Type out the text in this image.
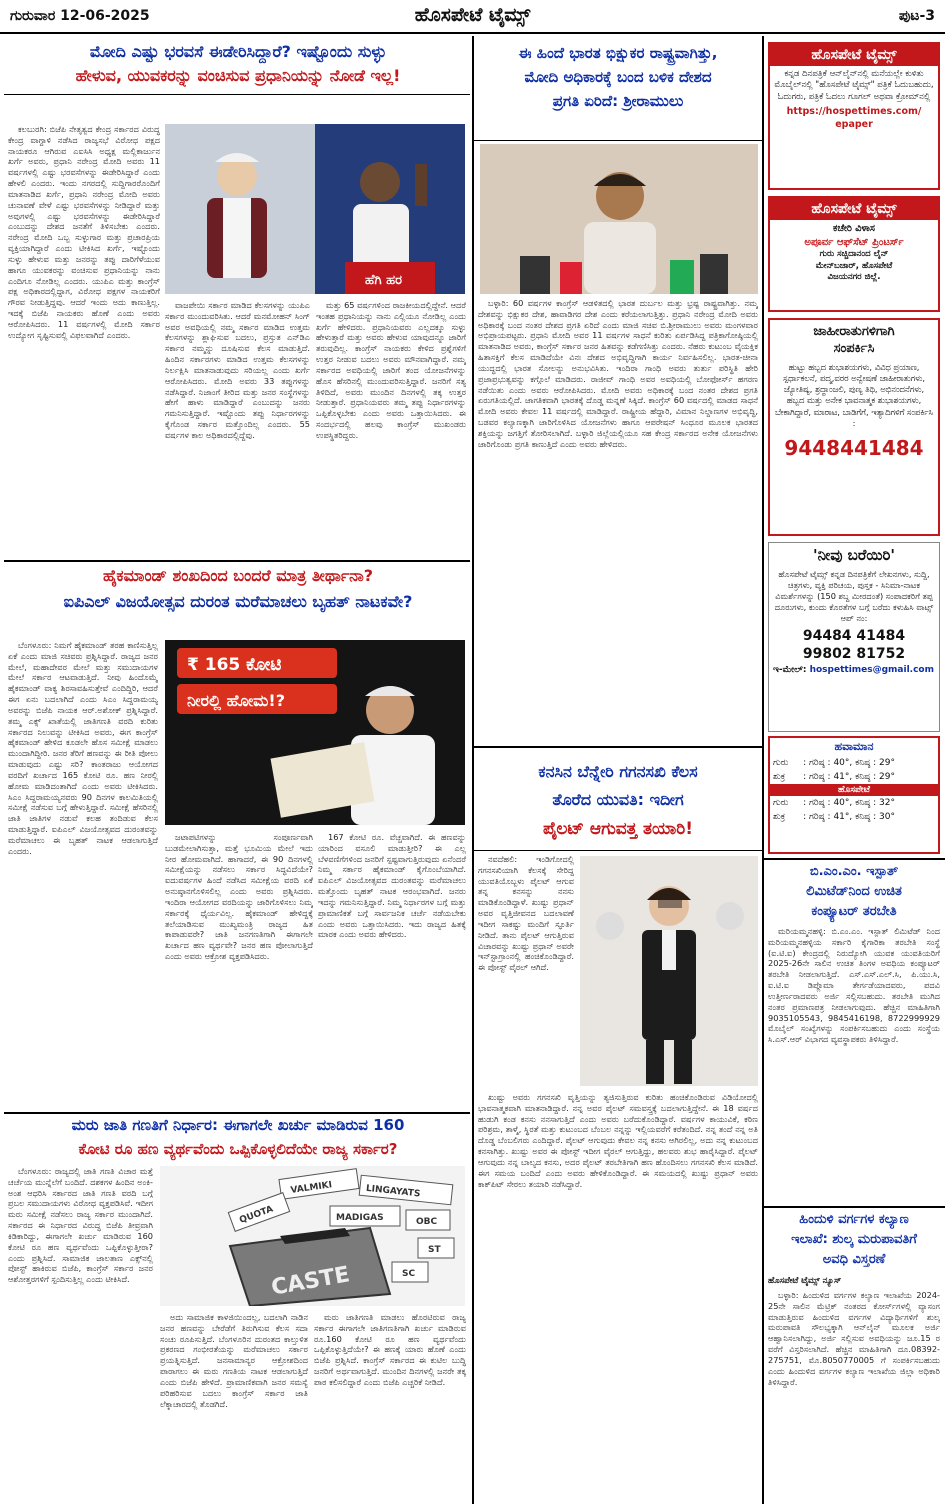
ಗುರುವಾರ 12-06-2025	ಹೊಸಪೇಟೆ ಟೈಮ್ಸ್	ಪುಟ-3
ಮೋದಿ ಎಷ್ಟು ಭರವಸೆ ಈಡೇರಿಸಿದ್ದಾರೆ? ಇಷ್ಟೊಂದು ಸುಳ್ಳು
ಹೇಳುವ, ಯುವಕರನ್ನು ವಂಚಿಸುವ ಪ್ರಧಾನಿಯನ್ನು ನೋಡೆ ಇಲ್ಲ!

ಕಲಬುರಗಿ: ಬಿಜೆಪಿ ನೇತೃತ್ವದ ಕೇಂದ್ರ ಸರ್ಕಾರದ ವಿರುದ್ಧ ಕೇಂದ್ರ ವಾಗ್ದಾಳಿ ನಡೆಸಿದ ರಾಜ್ಯಸಭೆ ವಿರೋಧ ಪಕ್ಷದ ನಾಯಕರೂ ಆಗಿರುವ ಎಐಸಿಸಿ ಅಧ್ಯಕ್ಷ ಮಲ್ಲಿಕಾರ್ಜುನ ಖರ್ಗೆ ಅವರು, ಪ್ರಧಾನಿ ನರೇಂದ್ರ ಮೋದಿ ಅವರು 11 ವರ್ಷಗಳಲ್ಲಿ ಎಷ್ಟು ಭರವಸೆಗಳನ್ನು ಈಡೇರಿಸಿದ್ದಾರೆ ಎಂದು ಹೇಳಲಿ ಎಂದರು. ಇಂದು ನಗರದಲ್ಲಿ ಸುದ್ದಿಗಾರರೊಂದಿಗೆ ಮಾತನಾಡಿದ ಖರ್ಗೆ, ಪ್ರಧಾನಿ ನರೇಂದ್ರ ಮೋದಿ ಅವರು ಚುನಾವಣೆ ವೇಳೆ ಎಷ್ಟು ಭರವಸೆಗಳನ್ನು ನೀಡಿದ್ದಾರೆ ಮತ್ತು ಅವುಗಳಲ್ಲಿ ಎಷ್ಟು ಭರವಸೆಗಳನ್ನು ಈಡೇರಿಸಿದ್ದಾರೆ ಎಂಬುದನ್ನು ದೇಶದ ಜನತೆಗೆ ತಿಳಿಸಬೇಕು ಎಂದರು. ನರೇಂದ್ರ ಮೋದಿ ಒಬ್ಬ ಸುಳ್ಳುಗಾರ ಮತ್ತು ಪ್ರಚಾರಪ್ರಿಯ ವ್ಯಕ್ತಿಯಾಗಿದ್ದಾರೆ ಎಂದು ಟೀಕಿಸಿದ ಖರ್ಗೆ, ಇಷ್ಟೊಂದು ಸುಳ್ಳು ಹೇಳುವ ಮತ್ತು ಜನರನ್ನು ತಪ್ಪು ದಾರಿಗೆಳೆಯುವ ಹಾಗೂ ಯುವಕರನ್ನು ವಂಚಿಸುವ ಪ್ರಧಾನಿಯನ್ನು ನಾನು ಎಂದಿಗೂ ನೋಡಿಲ್ಲ ಎಂದರು. ಯುಪಿಎ ಮತ್ತು ಕಾಂಗ್ರೆಸ್ ಪಕ್ಷ ಅಧಿಕಾರದಲ್ಲಿದ್ದಾಗ, ವಿರೋಧ ಪಕ್ಷಗಳ ನಾಯಕರಿಗೆ ಗೌರವ ನೀಡುತ್ತಿದ್ದವು. ಆದರೆ ಇಂದು ಅದು ಕಾಣುತ್ತಿಲ್ಲ. ಇದಕ್ಕೆ ಬಿಜೆಪಿ ನಾಯಕರು ಹೊಣೆ ಎಂದು ಅವರು ಆರೋಪಿಸಿದರು. 11 ವರ್ಷಗಳಲ್ಲಿ ಮೋದಿ ಸರ್ಕಾರ ಉದ್ಯೋಗ ಸೃಷ್ಟಿಸುವಲ್ಲಿ ವಿಫಲವಾಗಿದೆ ಎಂದರು.

ಹೆಗಿ ಹರ

ವಾಜಪೇಯಿ ಸರ್ಕಾರ ಮಾಡಿದ ಕೆಲಸಗಳನ್ನು ಯುಪಿಎ ಸರ್ಕಾರ ಮುಂದುವರಿಸಿತು. ಆದರೆ ಮನಮೋಹನ್ ಸಿಂಗ್ ಅವರ ಅವಧಿಯಲ್ಲಿ ನಮ್ಮ ಸರ್ಕಾರ ಮಾಡಿದ ಉತ್ತಮ ಕೆಲಸಗಳನ್ನು ಶ್ಲಾಘಿಸುವ ಬದಲು, ಪ್ರಸ್ತುತ ಎನ್‌ಡಿಎ ಸರ್ಕಾರ ನಮ್ಮನ್ನು ದೂಷಿಸುವ ಕೆಲಸ ಮಾಡುತ್ತಿದೆ. ಹಿಂದಿನ ಸರ್ಕಾರಗಳು ಮಾಡಿದ ಉತ್ತಮ ಕೆಲಸಗಳನ್ನು ನಿರ್ಲಕ್ಷಿಸಿ ಮಾತನಾಡುವುದು ಸರಿಯಲ್ಲ ಎಂದು ಖರ್ಗೆ ಆರೋಪಿಸಿದರು. ಮೋದಿ ಅವರು 33 ತಪ್ಪುಗಳನ್ನು ನಡೆಸಿದ್ದಾರೆ. ನಿಜಾಂಗೆ ತೀರಿದ ಮತ್ತು ಜನರ ಸಂಸ್ಥೆಗಳನ್ನು ಹೇಗೆ ಹಾಳು ಮಾಡಿದ್ದಾರೆ ಎಂಬುದನ್ನು ಜನರು ಗಮನಿಸುತ್ತಿದ್ದಾರೆ. ಇಷ್ಟೊಂದು ತಪ್ಪು ನಿರ್ಧಾರಗಳನ್ನು ಕೈಗೊಂಡ ಸರ್ಕಾರ ಮತ್ತೊಂದಿಲ್ಲ ಎಂದರು. 55 ವರ್ಷಗಳ ಕಾಲ ಅಧಿಕಾರದಲ್ಲಿದ್ದೆವು.

ಮತ್ತು 65 ವರ್ಷಗಳಿಂದ ರಾಜಕೀಯದಲ್ಲಿದ್ದೇನೆ. ಆದರೆ ಇಂತಹ ಪ್ರಧಾನಿಯನ್ನು ನಾನು ಎಲ್ಲಿಯೂ ನೋಡಿಲ್ಲ ಎಂದು ಖರ್ಗೆ ಹೇಳಿದರು. ಪ್ರಧಾನಿಯವರು ಎಲ್ಲದಕ್ಕೂ ಸುಳ್ಳು ಹೇಳುತ್ತಾರೆ ಮತ್ತು ಅವರು ಹೇಳುವ ಯಾವುದನ್ನೂ ಜಾರಿಗೆ ತರುವುದಿಲ್ಲ. ಕಾಂಗ್ರೆಸ್ ನಾಯಕರು ಕೇಳಿದ ಪ್ರಶ್ನೆಗಳಿಗೆ ಉತ್ತರ ನೀಡುವ ಬದಲು ಅವರು ಮೌನವಾಗಿದ್ದಾರೆ. ನಮ್ಮ ಸರ್ಕಾರದ ಅವಧಿಯಲ್ಲಿ ಜಾರಿಗೆ ತಂದ ಯೋಜನೆಗಳನ್ನು ಹೊಸ ಹೆಸರಿನಲ್ಲಿ ಮುಂದುವರಿಸುತ್ತಿದ್ದಾರೆ. ಜನರಿಗೆ ಸತ್ಯ ತಿಳಿದಿದೆ, ಅವರು ಮುಂದಿನ ದಿನಗಳಲ್ಲಿ ತಕ್ಕ ಉತ್ತರ ನೀಡುತ್ತಾರೆ. ಪ್ರಧಾನಿಯವರು ತಮ್ಮ ತಪ್ಪು ನಿರ್ಧಾರಗಳನ್ನು ಒಪ್ಪಿಕೊಳ್ಳಬೇಕು ಎಂದು ಅವರು ಒತ್ತಾಯಿಸಿದರು. ಈ ಸಂದರ್ಭದಲ್ಲಿ ಹಲವು ಕಾಂಗ್ರೆಸ್ ಮುಖಂಡರು ಉಪಸ್ಥಿತರಿದ್ದರು.

ಹೈಕಮಾಂಡ್ ಶಂಖದಿಂದ ಬಂದರೆ ಮಾತ್ರ ತೀರ್ಥಾನಾ?
ಐಪಿಎಲ್ ವಿಜಯೋತ್ಸವ ದುರಂತ ಮರೆಮಾಚಲು ಬೃಹತ್ ನಾಟಕವೇ?

ಬೆಂಗಳೂರು: ನಿಮಗೆ ಹೈಕಮಾಂಡ್ ತರಹ ಕಾಣಿಸುತ್ತಿಲ್ಲ ಏಕೆ ಎಂದು ಮಾಜಿ ಸಚಿವರು ಪ್ರಶ್ನಿಸಿದ್ದಾರೆ. ರಾಜ್ಯದ ಜನರ ಮೇಲೆ, ಮಹಾದೇವರ ಮೇಲೆ ಮತ್ತು ಸಮುದಾಯಗಳ ಮೇಲೆ ಸರ್ಕಾರ ಆಟವಾಡುತ್ತಿದೆ. ನೀವು ಹಿಂದೊಮ್ಮೆ ಹೈಕಮಾಂಡ್ ವಾಕ್ಯ ಶಿರಸಾವಹಿಸುತ್ತೇವೆ ಎಂದಿದ್ದಿರಿ, ಆದರೆ ಈಗ ಏನು ಬದಲಾಗಿದೆ ಎಂದು ಸಿಎಂ ಸಿದ್ದರಾಮಯ್ಯ ಅವರನ್ನು ಬಿಜೆಪಿ ನಾಯಕ ಆರ್.ಅಶೋಕ್ ಪ್ರಶ್ನಿಸಿದ್ದಾರೆ. ತಮ್ಮ ಎಕ್ಸ್ ಖಾತೆಯಲ್ಲಿ ಜಾತಿಗಣತಿ ವರದಿ ಕುರಿತು ಸರ್ಕಾರದ ನಿಲುವನ್ನು ಟೀಕಿಸಿದ ಅವರು, ಈಗ ಕಾಂಗ್ರೆಸ್ ಹೈಕಮಾಂಡ್ ಹೇಳಿದ ಕೂಡಲೇ ಹೊಸ ಸಮೀಕ್ಷೆ ಮಾಡಲು ಮುಂದಾಗಿದ್ದೀರಿ. ಜನರ ತೆರಿಗೆ ಹಣವನ್ನು ಈ ರೀತಿ ಪೋಲು ಮಾಡುವುದು ಎಷ್ಟು ಸರಿ? ಕಾಂತರಾಜು ಆಯೋಗದ ವರದಿಗೆ ಖರ್ಚಾದ 165 ಕೋಟಿ ರೂ. ಹಣ ನೀರಲ್ಲಿ ಹೋಮ ಮಾಡಿದಂತಾಗಿದೆ ಎಂದು ಅವರು ಟೀಕಿಸಿದರು. ಸಿಎಂ ಸಿದ್ದರಾಮಯ್ಯನವರು 90 ದಿನಗಳ ಕಾಲಮಿತಿಯಲ್ಲಿ ಸಮೀಕ್ಷೆ ನಡೆಸುವ ಬಗ್ಗೆ ಹೇಳುತ್ತಿದ್ದಾರೆ. ಸಮೀಕ್ಷೆ ಹೆಸರಿನಲ್ಲಿ ಜಾತಿ ಜಾತಿಗಳ ನಡುವೆ ಕಲಹ ತಂದಿಡುವ ಕೆಲಸ ಮಾಡುತ್ತಿದ್ದಾರೆ. ಐಪಿಎಲ್ ವಿಜಯೋತ್ಸವದ ದುರಂತವನ್ನು ಮರೆಮಾಚಲು ಈ ಬೃಹತ್ ನಾಟಕ ಆಡಲಾಗುತ್ತಿದೆ ಎಂದರು.

₹ 165 ಕೋಟಿ
ನೀರಲ್ಲಿ ಹೋಮ!?

ಜಟಾಪಟಿಗಳನ್ನು ಸಂಪೂರ್ಣವಾಗಿ ಬುಡಮೇಲಾಗಿಸುತ್ತಾ, ಮತ್ತೆ ಭೂಮಿಯ ಮೇಲೆ ಇದು ನೀರ ಹೋಮವಾಗಿದೆ. ಹಾಗಾದರೆ, ಈ 90 ದಿನಗಳಲ್ಲಿ ಸಮೀಕ್ಷೆಯನ್ನು ನಡೆಸಲು ಸರ್ಕಾರ ಸಿದ್ಧವಿದೆಯೇ? ಐದುವರ್ಷಗಳ ಹಿಂದೆ ನಡೆಸಿದ ಸಮೀಕ್ಷೆಯ ವರದಿ ಏಕೆ ಅನುಷ್ಠಾನಗೊಳಿಸಲಿಲ್ಲ ಎಂದು ಅವರು ಪ್ರಶ್ನಿಸಿದರು. ಇಂದಿರಾ ಆಯೋಗದ ವರದಿಯನ್ನು ಜಾರಿಗೊಳಿಸಲು ನಿಮ್ಮ ಸರ್ಕಾರಕ್ಕೆ ಧೈರ್ಯವಿಲ್ಲ. ಹೈಕಮಾಂಡ್ ಹೇಳಿದ್ದಕ್ಕೆ ತಲೆಯಾಡಿಸುವ ಮುಖ್ಯಮಂತ್ರಿ ರಾಜ್ಯದ ಹಿತ ಕಾಪಾಡುವರೇ? ಜಾತಿ ಜನಗಣತಿಗಾಗಿ ಈಗಾಗಲೇ ಖರ್ಚಾದ ಹಣ ವ್ಯರ್ಥವೇ? ಜನರ ಹಣ ಪೋಲಾಗುತ್ತಿದೆ ಎಂದು ಅವರು ಆಕ್ರೋಶ ವ್ಯಕ್ತಪಡಿಸಿದರು.

167 ಕೋಟಿ ರೂ. ವೆಚ್ಚವಾಗಿದೆ. ಈ ಹಣವನ್ನು ಯಾರಿಂದ ವಸೂಲಿ ಮಾಡುತ್ತೀರಿ? ಈ ಎಲ್ಲ ಬೆಳವಣಿಗೆಗಳಿಂದ ಜನರಿಗೆ ಸ್ಪಷ್ಟವಾಗುತ್ತಿರುವುದು ಏನೆಂದರೆ ನಿಮ್ಮ ಸರ್ಕಾರ ಹೈಕಮಾಂಡ್ ಕೈಗೊಂಬೆಯಾಗಿದೆ. ಐಪಿಎಲ್ ವಿಜಯೋತ್ಸವದ ದುರಂತವನ್ನು ಮರೆಮಾಚಲು ಮತ್ತೊಂದು ಬೃಹತ್ ನಾಟಕ ಆರಂಭವಾಗಿದೆ. ಜನರು ಇದನ್ನು ಗಮನಿಸುತ್ತಿದ್ದಾರೆ. ನಿಮ್ಮ ನಿರ್ಧಾರಗಳ ಬಗ್ಗೆ ಮತ್ತು ಪ್ರಾಮಾಣಿಕತೆ ಬಗ್ಗೆ ಸಾರ್ವಜನಿಕ ಚರ್ಚೆ ನಡೆಯಬೇಕು ಎಂದು ಅವರು ಒತ್ತಾಯಿಸಿದರು. ಇದು ರಾಜ್ಯದ ಹಿತಕ್ಕೆ ಮಾರಕ ಎಂದು ಅವರು ಹೇಳಿದರು.

ಮರು ಜಾತಿ ಗಣತಿಗೆ ನಿರ್ಧಾರ: ಈಗಾಗಲೇ ಖರ್ಚು ಮಾಡಿರುವ 160
ಕೋಟಿ ರೂ ಹಣ ವ್ಯರ್ಥವೆಂದು ಒಪ್ಪಿಕೊಳ್ಳಲಿದೆಯೇ ರಾಜ್ಯ ಸರ್ಕಾರ?

ಬೆಂಗಳೂರು: ರಾಜ್ಯದಲ್ಲಿ ಜಾತಿ ಗಣತಿ ವಿಚಾರ ಮತ್ತೆ ಚರ್ಚೆಯ ಮುನ್ನೆಲೆಗೆ ಬಂದಿದೆ. ದಶಕಗಳ ಹಿಂದಿನ ಅಂಕಿ-ಅಂಶ ಆಧರಿಸಿ ಸರ್ಕಾರದ ಜಾತಿ ಗಣತಿ ವರದಿ ಬಗ್ಗೆ ಪ್ರಬಲ ಸಮುದಾಯಗಳು ವಿರೋಧ ವ್ಯಕ್ತಪಡಿಸಿವೆ. ಇದೀಗ ಮರು ಸಮೀಕ್ಷೆ ನಡೆಸಲು ರಾಜ್ಯ ಸರ್ಕಾರ ಮುಂದಾಗಿದೆ. ಸರ್ಕಾರದ ಈ ನಿರ್ಧಾರದ ವಿರುದ್ಧ ಬಿಜೆಪಿ ತೀವ್ರವಾಗಿ ಕಿಡಿಕಾರಿದ್ದು, ಈಗಾಗಲೇ ಖರ್ಚು ಮಾಡಿರುವ 160 ಕೋಟಿ ರೂ ಹಣ ವ್ಯರ್ಥವೆಂದು ಒಪ್ಪಿಕೊಳ್ಳುತ್ತೀರಾ? ಎಂದು ಪ್ರಶ್ನಿಸಿದೆ. ಸಾಮಾಜಿಕ ಜಾಲತಾಣ ಎಕ್ಸ್‌ನಲ್ಲಿ ಪೋಸ್ಟ್ ಹಾಕಿರುವ ಬಿಜೆಪಿ, ಕಾಂಗ್ರೆಸ್ ಸರ್ಕಾರ ಜನರ ಆಶೋತ್ತರಗಳಿಗೆ ಸ್ಪಂದಿಸುತ್ತಿಲ್ಲ ಎಂದು ಟೀಕಿಸಿದೆ.

VALMIKI	LINGAYATS
MADIGAS	OBC
ST
SC
QUOTA
CASTE

ಅದು ಸಾಮಾಜಿಕ ಕಾಳಜಿಯಿಂದಲ್ಲ, ಬದಲಾಗಿ ನಾಡಿನ ಜನರ ಹಣವನ್ನು ಬೇರೆಡೆಗೆ ತಿರುಗಿಸುವ ಕೆಲಸ ಸದಾ ಸಂಚು ರೂಪಿಸುತ್ತಿದೆ. ಬೆಂಗಳೂರಿನ ದುರಂತದ ಕಾಲ್ತುಳಿತ ಪ್ರಕರಣದ ಗಂಭೀರತೆಯನ್ನು ಮರೆಮಾಚಲು ಸರ್ಕಾರ ಪ್ರಯತ್ನಿಸುತ್ತಿದೆ. ಜನಸಾಮಾನ್ಯರ ಆಕ್ರೋಶದಿಂದ ಪಾರಾಗಲು ಈ ಮರು ಗಣತಿಯ ನಾಟಕ ಆಡಲಾಗುತ್ತಿದೆ ಎಂದು ಬಿಜೆಪಿ ಹೇಳಿದೆ. ಪ್ರಾಮಾಣಿಕವಾಗಿ ಜನರ ಸಮಸ್ಯೆ ಪರಿಹರಿಸುವ ಬದಲು ಕಾಂಗ್ರೆಸ್ ಸರ್ಕಾರ ಜಾತಿ ಲೆಕ್ಕಾಚಾರದಲ್ಲಿ ತೊಡಗಿದೆ.

ಮರು ಜಾತಿಗಣತಿ ಮಾಡಲು ಹೊರಟಿರುವ ರಾಜ್ಯ ಸರ್ಕಾರ ಈಗಾಗಲೇ ಜಾತಿಗಣತಿಗಾಗಿ ಖರ್ಚು ಮಾಡಿರುವ ರೂ.160 ಕೋಟಿ ರೂ ಹಣ ವ್ಯರ್ಥವೆಂದು ಒಪ್ಪಿಕೊಳ್ಳುತ್ತಿದೆಯೇ? ಈ ಹಣಕ್ಕೆ ಯಾರು ಹೊಣೆ ಎಂದು ಬಿಜೆಪಿ ಪ್ರಶ್ನಿಸಿದೆ. ಕಾಂಗ್ರೆಸ್ ಸರ್ಕಾರದ ಈ ಕುಟಿಲ ಬುದ್ಧಿ ಜನರಿಗೆ ಅರ್ಥವಾಗುತ್ತಿದೆ. ಮುಂದಿನ ದಿನಗಳಲ್ಲಿ ಜನರೇ ತಕ್ಕ ಪಾಠ ಕಲಿಸಲಿದ್ದಾರೆ ಎಂದು ಬಿಜೆಪಿ ಎಚ್ಚರಿಕೆ ನೀಡಿದೆ.

ಈ ಹಿಂದೆ ಭಾರತ ಭಿಕ್ಷುಕರ ರಾಷ್ಟ್ರವಾಗಿತ್ತು,
ಮೋದಿ ಅಧಿಕಾರಕ್ಕೆ ಬಂದ ಬಳಿಕ ದೇಶದ
ಪ್ರಗತಿ ಏರಿದೆ: ಶ್ರೀರಾಮುಲು

ಬಳ್ಳಾರಿ: 60 ವರ್ಷಗಳ ಕಾಂಗ್ರೆಸ್ ಆಡಳಿತದಲ್ಲಿ ಭಾರತ ದುರ್ಬಲ ಮತ್ತು ಭ್ರಷ್ಟ ರಾಷ್ಟ್ರವಾಗಿತ್ತು. ನಮ್ಮ ದೇಶವನ್ನು ಭಿಕ್ಷುಕರ ದೇಶ, ಹಾವಾಡಿಗರ ದೇಶ ಎಂದು ಕರೆಯಲಾಗುತ್ತಿತ್ತು. ಪ್ರಧಾನಿ ನರೇಂದ್ರ ಮೋದಿ ಅವರು ಅಧಿಕಾರಕ್ಕೆ ಬಂದ ನಂತರ ದೇಶದ ಪ್ರಗತಿ ಏರಿದೆ ಎಂದು ಮಾಜಿ ಸಚಿವ ಬಿ.ಶ್ರೀರಾಮುಲು ಅವರು ಮಂಗಳವಾರ ಅಭಿಪ್ರಾಯಪಟ್ಟರು. ಪ್ರಧಾನಿ ಮೋದಿ ಅವರ 11 ವರ್ಷಗಳ ಸಾಧನೆ ಕುರಿತು ಏರ್ಪಡಿಸಿದ್ದ ಪತ್ರಿಕಾಗೋಷ್ಠಿಯಲ್ಲಿ ಮಾತನಾಡಿದ ಅವರು, ಕಾಂಗ್ರೆಸ್ ಸರ್ಕಾರ ಜನರ ಹಿತವನ್ನು ಕಡೆಗಣಿಸಿತ್ತು ಎಂದರು. ನೆಹರು ಕುಟುಂಬ ವೈಯಕ್ತಿಕ ಹಿತಾಸಕ್ತಿಗೆ ಕೆಲಸ ಮಾಡಿದೆಯೇ ವಿನಃ ದೇಶದ ಅಭಿವೃದ್ಧಿಗಾಗಿ ಕಾರ್ಯ ನಿರ್ವಹಿಸಲಿಲ್ಲ. ಭಾರತ-ಚೀನಾ ಯುದ್ಧದಲ್ಲಿ ಭಾರತ ಸೋಲನ್ನು ಅನುಭವಿಸಿತು. ಇಂದಿರಾ ಗಾಂಧಿ ಅವರು ತುರ್ತು ಪರಿಸ್ಥಿತಿ ಹೇರಿ ಪ್ರಜಾಪ್ರಭುತ್ವವನ್ನು ಕಗ್ಗೊಲೆ ಮಾಡಿದರು. ರಾಜೀವ್ ಗಾಂಧಿ ಅವರ ಅವಧಿಯಲ್ಲಿ ಬೋಫೋರ್ಸ್ ಹಗರಣ ನಡೆಯಿತು ಎಂದು ಅವರು ಆರೋಪಿಸಿದರು. ಮೋದಿ ಅವರು ಅಧಿಕಾರಕ್ಕೆ ಬಂದ ನಂತರ ದೇಶದ ಪ್ರಗತಿ ಏರುಗತಿಯಲ್ಲಿದೆ. ಜಾಗತಿಕವಾಗಿ ಭಾರತಕ್ಕೆ ದೊಡ್ಡ ಮನ್ನಣೆ ಸಿಕ್ಕಿದೆ. ಕಾಂಗ್ರೆಸ್ 60 ವರ್ಷದಲ್ಲಿ ಮಾಡದ ಸಾಧನೆ ಮೋದಿ ಅವರು ಕೇವಲ 11 ವರ್ಷದಲ್ಲಿ ಮಾಡಿದ್ದಾರೆ. ರಾಷ್ಟ್ರೀಯ ಹೆದ್ದಾರಿ, ವಿಮಾನ ನಿಲ್ದಾಣಗಳ ಅಭಿವೃದ್ಧಿ, ಬಡವರ ಕಲ್ಯಾಣಕ್ಕಾಗಿ ಜಾರಿಗೊಳಿಸಿದ ಯೋಜನೆಗಳು ಹಾಗೂ ಆಪರೇಷನ್ ಸಿಂಧೂರ ಮೂಲಕ ಭಾರತದ ಶಕ್ತಿಯನ್ನು ಜಗತ್ತಿಗೆ ತೋರಿಸಲಾಗಿದೆ. ಬಳ್ಳಾರಿ ಜಿಲ್ಲೆಯಲ್ಲಿಯೂ ಸಹ ಕೇಂದ್ರ ಸರ್ಕಾರದ ಅನೇಕ ಯೋಜನೆಗಳು ಜಾರಿಗೊಂಡು ಪ್ರಗತಿ ಕಾಣುತ್ತಿದೆ ಎಂದು ಅವರು ಹೇಳಿದರು.

ಕನಸಿನ ಬೆನ್ನೇರಿ ಗಗನಸಖಿ ಕೆಲಸ
ತೊರೆದ ಯುವತಿ: ಇದೀಗ
ಪೈಲಟ್ ಆಗುವತ್ತ ತಯಾರಿ!

ನವದೆಹಲಿ: ಇಂಡಿಗೋದಲ್ಲಿ ಗಗನಸಖಿಯಾಗಿ ಕೆಲಸಕ್ಕೆ ಸೇರಿದ್ದ ಯುವತಿಯೊಬ್ಬಳು ಪೈಲಟ್ ಆಗುವ ತನ್ನ ಕನಸನ್ನು ನನಸು ಮಾಡಿಕೊಂಡಿದ್ದಾಳೆ. ಖುಷ್ಬು ಪ್ರಧಾನ್ ಅವರ ವೃತ್ತಿಜೀವನದ ಬದಲಾವಣೆ ಇದೀಗ ಸಾಕಷ್ಟು ಮಂದಿಗೆ ಸ್ಫೂರ್ತಿ ನೀಡಿದೆ. ತಾನು ಪೈಲಟ್ ಆಗುತ್ತಿರುವ ವಿಚಾರವನ್ನು ಖುಷ್ಬು ಪ್ರಧಾನ್ ಅವರೇ ಇನ್‌ಸ್ಟಾಗ್ರಾಂನಲ್ಲಿ ಹಂಚಿಕೊಂಡಿದ್ದಾರೆ. ಈ ಪೋಸ್ಟ್ ವೈರಲ್ ಆಗಿದೆ.

ಖುಷ್ಬು ಅವರು ಗಗನಸಖಿ ವೃತ್ತಿಯನ್ನು ತ್ಯಜಿಸುತ್ತಿರುವ ಕುರಿತು ಹಂಚಿಕೊಂಡಿರುವ ವಿಡಿಯೋದಲ್ಲಿ ಭಾವನಾತ್ಮಕವಾಗಿ ಮಾತನಾಡಿದ್ದಾರೆ. ನನ್ನ ಅವರ ಪೈಲಟ್ ಸಮವಸ್ತ್ರಕ್ಕೆ ಬದಲಾಗುತ್ತಿದ್ದೇನೆ. ಈ 18 ವರ್ಷದ ಹುಡುಗಿ ಕಂಡ ಕನಸು ನನಸಾಗುತ್ತಿದೆ ಎಂದು ಅವರು ಬರೆದುಕೊಂಡಿದ್ದಾರೆ. ವರ್ಷಗಳ ಕಾಯುವಿಕೆ, ಕಠಿಣ ಪರಿಶ್ರಮ, ತಾಳ್ಮೆ, ಸ್ಥಿರತೆ ಮತ್ತು ಕುಟುಂಬದ ಬೆಂಬಲ ನನ್ನನ್ನು ಇಲ್ಲಿಯವರೆಗೆ ಕರೆತಂದಿದೆ. ನನ್ನ ತಂದೆ ನನ್ನ ಅತಿ ದೊಡ್ಡ ಬೆಂಬಲಿಗರು ಎಂದಿದ್ದಾರೆ. ಪೈಲಟ್ ಆಗುವುದು ಕೇವಲ ನನ್ನ ಕನಸು ಆಗಿರಲಿಲ್ಲ, ಅದು ನನ್ನ ಕುಟುಂಬದ ಕನಸಾಗಿತ್ತು. ಖುಷ್ಬು ಅವರ ಈ ಪೋಸ್ಟ್ ಇದೀಗ ವೈರಲ್ ಆಗುತ್ತಿದ್ದು, ಹಲವರು ಶುಭ ಹಾರೈಸಿದ್ದಾರೆ. ಪೈಲಟ್ ಆಗುವುದು ನನ್ನ ಬಾಲ್ಯದ ಕನಸು, ಅದರ ಪೈಲಟ್ ತರಬೇತಿಗಾಗಿ ಹಣ ಹೊಂದಿಸಲು ಗಗನಸಖಿ ಕೆಲಸ ಮಾಡಿದೆ. ಈಗ ಸಮಯ ಬಂದಿದೆ ಎಂದು ಅವರು ಹೇಳಿಕೊಂಡಿದ್ದಾರೆ. ಈ ಸಮಯದಲ್ಲಿ ಖುಷ್ಬು ಪ್ರಧಾನ್ ಅವರು ಕಾಕ್‌ಪಿಟ್ ಸೇರಲು ತಯಾರಿ ನಡೆಸಿದ್ದಾರೆ.

ಹೊಸಪೇಟೆ ಟೈಮ್ಸ್
ಕನ್ನಡ ದಿನಪತ್ರಿಕೆ ಆನ್‌ಲೈನ್‌ನಲ್ಲಿ ಮನೆಯಲ್ಲೇ ಕುಳಿತು ಮೊಬೈಲ್‌ನಲ್ಲಿ "ಹೊಸಪೇಟೆ ಟೈಮ್ಸ್" ಪತ್ರಿಕೆ ಓದುಬಹುದು, ಓದುಗರು, ಪತ್ರಿಕೆ ಓದಲು ಗೂಗಲ್ ಅಥವಾ ಕ್ರೋಮ್‌ನಲ್ಲಿ
https://hospettimes.com/
epaper
ಹೊಸಪೇಟೆ ಟೈಮ್ಸ್
ಕಚೇರಿ ವಿಳಾಸ
ಅಪೂರ್ವ ಆಫ್‌ಸೆಟ್ ಪ್ರಿಂಟರ್ಸ್
ಗುರು ಸಚ್ಚಿದಾನಂದ ಲೈನ್
ಮೇನ್‌ಬಜಾರ್, ಹೊಸಪೇಟೆ
ವಿಜಯನಗರ ಜಿಲ್ಲೆ.
ಜಾಹೀರಾತುಗಳಿಗಾಗಿ
ಸಂಪರ್ಕಿಸಿ
ಹುಟ್ಟು ಹಬ್ಬದ ಶುಭಾಶಯಗಳು, ವಿವಿಧ ಪ್ರಯಾಣ, ಸ್ಪರ್ಧಾಕಲನೆ, ಪದ್ಮ,ವರರ ಅನ್ವೇಷಣೆ ಜಾಹೀರಾತುಗಳು, ಜ್ಯೋತಿಷ್ಯ, ಶ್ರದ್ಧಾಂಜಲಿ, ಪುಣ್ಯ ತಿಥಿ, ಅಭಿನಂದನೆಗಳು, ಹಬ್ಬದ ಮತ್ತು ಅನೇಕ ಭಾವನಾತ್ಮಕ ಶುಭಾಶಯಗಳು, ಬೇಕಾಗಿದ್ದಾರೆ, ಮಾರಾಟ, ಬಾಡಿಗೆಗೆ, ಇತ್ಯಾದಿಗಳಿಗೆ ಸಂಪರ್ಕಿಸಿ :
9448441484
'ನೀವು ಬರೆಯಿರಿ'
ಹೊಸಪೇಟೆ ಟೈಮ್ಸ್ ಕನ್ನಡ ದಿನಪತ್ರಿಕೆಗೆ ಲೇಖನಗಳು, ಸುದ್ದಿ, ಚಿತ್ರಗಳು, ವ್ಯಕ್ತಿ ಪರಿಚಯ, ಪುಸ್ತಕ - ಸಿನಿಮಾ-ನಾಟಕ ವಿಮರ್ಶೆಗಳನ್ನು (150 ಶಬ್ದ ಮೀರದಂತೆ) ಸಂಪಾದಕರಿಗೆ ತಪ್ಪ ದೂರುಗಳು, ಕುಂದು ಕೊರತೆಗಳ ಬಗ್ಗೆ ಬರೆದು ಕಳುಹಿಸಿ ವಾಟ್ಸ್ ಆಪ್ ನಂ:
94484 41484
99802 81752
ಇ-ಮೇಲ್: hospettimes@gmail.com
ಹವಾಮಾನ
ಗುರು	: ಗರಿಷ್ಠ : 40°, ಕನಿಷ್ಠ : 29°
ಶುಕ್ರ	: ಗರಿಷ್ಠ : 41°, ಕನಿಷ್ಠ : 29°
ಹೊಸಪೇಟೆ
ಗುರು	: ಗರಿಷ್ಠ : 40°, ಕನಿಷ್ಠ : 32°
ಶುಕ್ರ	: ಗರಿಷ್ಠ : 41°, ಕನಿಷ್ಠ : 30°
ಬಿ.ಎಂ.ಎಂ. ಇಸ್ಪಾತ್
ಲಿಮಿಟೆಡ್‌ನಿಂದ ಉಚಿತ
ಕಂಪ್ಯೂಟರ್ ತರಬೇತಿ

ಮರಿಯಮ್ಮನಹಳ್ಳಿ: ಬಿ.ಎಂ.ಎಂ. ಇಸ್ಪಾತ್ ಲಿಮಿಟೆಡ್ ನಿಂದ ಮರಿಯಮ್ಮನಹಳ್ಳಿಯ ಸರ್ಕಾರಿ ಕೈಗಾರಿಕಾ ತರಬೇತಿ ಸಂಸ್ಥೆ (ಐ.ಟಿ.ಐ) ಕೇಂದ್ರದಲ್ಲಿ ನಿರುದ್ಯೋಗಿ ಯುವಕ ಯುವತಿಯರಿಗೆ 2025-26ನೇ ಸಾಲಿನ ಉಚಿತ ತಿಂಗಳ ಅವಧಿಯ ಕಂಪ್ಯೂಟರ್ ತರಬೇತಿ ನೀಡಲಾಗುತ್ತಿದೆ. ಎಸ್.ಎಸ್.ಎಲ್.ಸಿ, ಪಿ.ಯು.ಸಿ, ಐ.ಟಿ.ಐ ಡಿಪ್ಲೊಮಾ ತೇರ್ಗಡೆಯಾದವರು, ಪದವಿ ಉತ್ತೀರ್ಣರಾದವರು ಅರ್ಜಿ ಸಲ್ಲಿಸಬಹುದು. ತರಬೇತಿ ಮುಗಿದ ನಂತರ ಪ್ರಮಾಣಪತ್ರ ನೀಡಲಾಗುವುದು. ಹೆಚ್ಚಿನ ಮಾಹಿತಿಗಾಗಿ 9035105543, 9845416198, 8722999929 ಮೊಬೈಲ್ ಸಂಖ್ಯೆಗಳನ್ನು ಸಂಪರ್ಕಿಸಬಹುದು ಎಂದು ಸಂಸ್ಥೆಯ ಸಿ.ಎಸ್.ಆರ್ ವಿಭಾಗದ ವ್ಯವಸ್ಥಾಪಕರು ತಿಳಿಸಿದ್ದಾರೆ.

ಹಿಂದುಳಿ ವರ್ಗಗಳ ಕಲ್ಯಾಣ
ಇಲಾಖೆ: ಶುಲ್ಕ ಮರುಪಾವತಿಗೆ
ಅವಧಿ ವಿಸ್ತರಣೆ
ಹೊಸಪೇಟೆ ಟೈಮ್ಸ್ ನ್ಯೂಸ್

ಬಳ್ಳಾರಿ: ಹಿಂದುಳಿದ ವರ್ಗಗಳ ಕಲ್ಯಾಣ ಇಲಾಖೆಯ 2024-25ನೇ ಸಾಲಿನ ಮೆಟ್ರಿಕ್ ನಂತರದ ಕೋರ್ಸ್‌ಗಳಲ್ಲಿ ವ್ಯಾಸಂಗ ಮಾಡುತ್ತಿರುವ ಹಿಂದುಳಿದ ವರ್ಗಗಳ ವಿದ್ಯಾರ್ಥಿಗಳಿಗೆ ಶುಲ್ಕ ಮರುಪಾವತಿ ಸೌಲಭ್ಯಕ್ಕಾಗಿ ಆನ್‌ಲೈನ್ ಮೂಲಕ ಅರ್ಜಿ ಆಹ್ವಾನಿಸಲಾಗಿದ್ದು, ಅರ್ಜಿ ಸಲ್ಲಿಸುವ ಅವಧಿಯನ್ನು ಜೂ.15 ರ ವರೆಗೆ ವಿಸ್ತರಿಸಲಾಗಿದೆ. ಹೆಚ್ಚಿನ ಮಾಹಿತಿಗಾಗಿ ದೂ.08392-275751, ಮೊ.8050770005 ಗೆ ಸಂಪರ್ಕಿಸಬಹುದು ಎಂದು ಹಿಂದುಳಿದ ವರ್ಗಗಳ ಕಲ್ಯಾಣ ಇಲಾಖೆಯ ಜಿಲ್ಲಾ ಅಧಿಕಾರಿ ತಿಳಿಸಿದ್ದಾರೆ.
